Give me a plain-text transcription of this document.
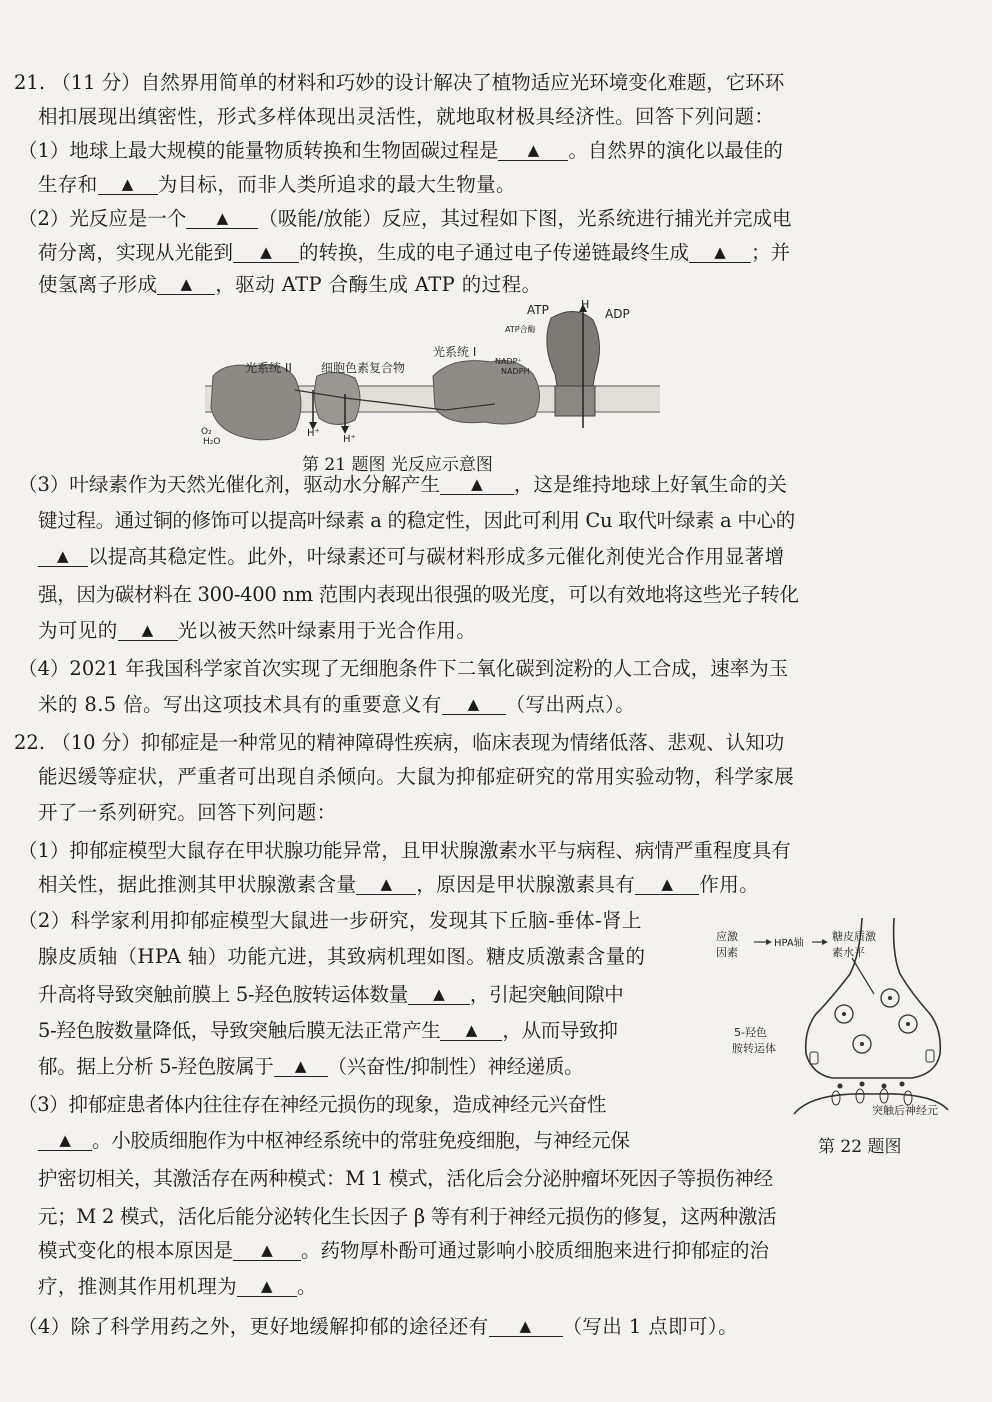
21. （11 分）自然界用简单的材料和巧妙的设计解决了植物适应光环境变化难题，它环环
相扣展现出缜密性，形式多样体现出灵活性，就地取材极具经济性。回答下列问题：
（1）地球上最大规模的能量物质转换和生物固碳过程是 ▲ 。自然界的演化以最佳的
生存和 ▲ 为目标，而非人类所追求的最大生物量。
（2）光反应是一个 ▲ （吸能/放能）反应，其过程如下图，光系统进行捕光并完成电
荷分离，实现从光能到 ▲ 的转换，生成的电子通过电子传递链最终生成 ▲ ；并
使氢离子形成 ▲ ，驱动 ATP 合酶生成 ATP 的过程。
光系统 II 细胞色素复合物
光系统 I
ATP	H
ADP
ATP合酶
NADP⁺
NADPH
H⁺
H⁺
O₂
H₂O
第 21 题图 光反应示意图
（3）叶绿素作为天然光催化剂，驱动水分解产生 ▲ ，这是维持地球上好氧生命的关
键过程。通过铜的修饰可以提高叶绿素 a 的稳定性，因此可利用 Cu 取代叶绿素 a 中心的
▲ 以提高其稳定性。此外，叶绿素还可与碳材料形成多元催化剂使光合作用显著增
强，因为碳材料在 300-400 nm 范围内表现出很强的吸光度，可以有效地将这些光子转化
为可见的 ▲ 光以被天然叶绿素用于光合作用。
（4）2021 年我国科学家首次实现了无细胞条件下二氧化碳到淀粉的人工合成，速率为玉
米的 8.5 倍。写出这项技术具有的重要意义有 ▲ （写出两点）。
22. （10 分）抑郁症是一种常见的精神障碍性疾病，临床表现为情绪低落、悲观、认知功
能迟缓等症状，严重者可出现自杀倾向。大鼠为抑郁症研究的常用实验动物，科学家展
开了一系列研究。回答下列问题：
（1）抑郁症模型大鼠存在甲状腺功能异常，且甲状腺激素水平与病程、病情严重程度具有
相关性，据此推测其甲状腺激素含量 ▲ ，原因是甲状腺激素具有 ▲ 作用。
（2）科学家利用抑郁症模型大鼠进一步研究，发现其下丘脑-垂体-肾上
腺皮质轴（HPA 轴）功能亢进，其致病机理如图。糖皮质激素含量的
升高将导致突触前膜上 5-羟色胺转运体数量 ▲ ，引起突触间隙中
5-羟色胺数量降低，导致突触后膜无法正常产生 ▲ ，从而导致抑
郁。据上分析 5-羟色胺属于 ▲ （兴奋性/抑制性）神经递质。
（3）抑郁症患者体内往往存在神经元损伤的现象，造成神经元兴奋性
▲ 。小胶质细胞作为中枢神经系统中的常驻免疫细胞，与神经元保
应激
因素
HPA轴
糖皮质激
素水平
5-羟色
胺转运体
突触后神经元
第 22 题图
护密切相关，其激活存在两种模式：M 1 模式，活化后会分泌肿瘤坏死因子等损伤神经
元；M 2 模式，活化后能分泌转化生长因子 β 等有利于神经元损伤的修复，这两种激活
模式变化的根本原因是 ▲ 。药物厚朴酚可通过影响小胶质细胞来进行抑郁症的治
疗，推测其作用机理为 ▲ 。
（4）除了科学用药之外，更好地缓解抑郁的途径还有 ▲ （写出 1 点即可）。
